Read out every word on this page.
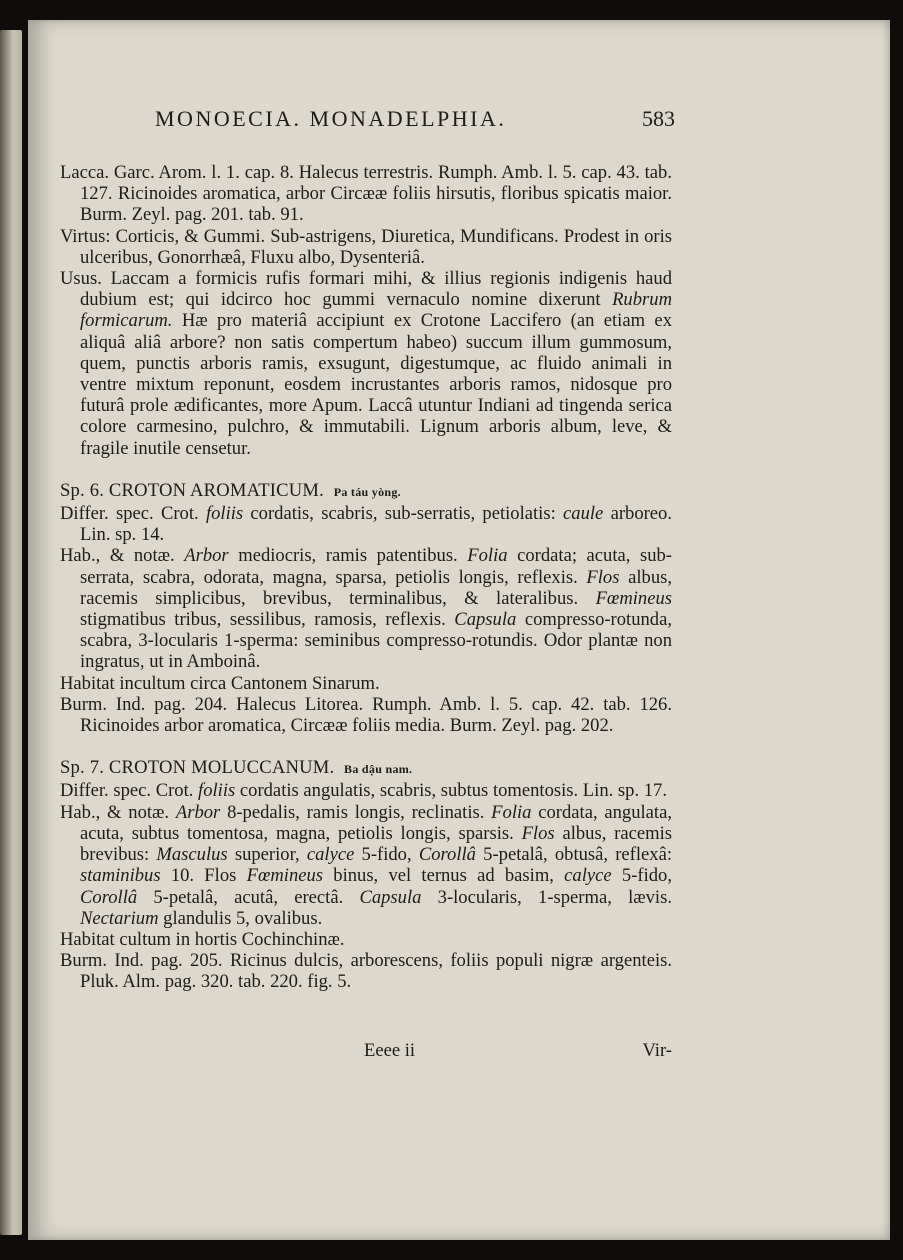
MONOECIA. MONADELPHIA.	583

Lacca. Garc. Arom. l. 1. cap. 8. Halecus terrestris. Rumph. Amb. l. 5. cap. 43. tab. 127. Ricinoides aromatica, arbor Circææ foliis hirsutis, floribus spicatis maior. Burm. Zeyl. pag. 201. tab. 91.

Virtus: Corticis, & Gummi. Sub-astrigens, Diuretica, Mundificans. Prodest in oris ulceribus, Gonorrhæâ, Fluxu albo, Dysenteriâ.

Usus. Laccam a formicis rufis formari mihi, & illius regionis indigenis haud dubium est; qui idcirco hoc gummi vernaculo nomine dixerunt Rubrum formicarum. Hæ pro materiâ accipiunt ex Crotone Laccifero (an etiam ex aliquâ aliâ arbore? non satis compertum habeo) succum illum gummosum, quem, punctis arboris ramis, exsugunt, digestumque, ac fluido animali in ventre mixtum reponunt, eosdem incrustantes arboris ramos, nidosque pro futurâ prole ædificantes, more Apum. Laccâ utuntur Indiani ad tingenda serica colore carmesino, pulchro, & immutabili. Lignum arboris album, leve, & fragile inutile censetur.

Sp. 6. CROTON AROMATICUM. Pa táu yòng.

Differ. spec. Crot. foliis cordatis, scabris, sub-serratis, petiolatis: caule arboreo. Lin. sp. 14.

Hab., & notæ. Arbor mediocris, ramis patentibus. Folia cordata; acuta, sub-serrata, scabra, odorata, magna, sparsa, petiolis longis, reflexis. Flos albus, racemis simplicibus, brevibus, terminalibus, & lateralibus. Fœmineus stigmatibus tribus, sessilibus, ramosis, reflexis. Capsula compresso-rotunda, scabra, 3-locularis 1-sperma: seminibus compresso-rotundis. Odor plantæ non ingratus, ut in Amboinâ.

Habitat incultum circa Cantonem Sinarum.

Burm. Ind. pag. 204. Halecus Litorea. Rumph. Amb. l. 5. cap. 42. tab. 126. Ricinoides arbor aromatica, Circææ foliis media. Burm. Zeyl. pag. 202.

Sp. 7. CROTON MOLUCCANUM. Ba dậu nam.

Differ. spec. Crot. foliis cordatis angulatis, scabris, subtus tomentosis. Lin. sp. 17.

Hab., & notæ. Arbor 8-pedalis, ramis longis, reclinatis. Folia cordata, angulata, acuta, subtus tomentosa, magna, petiolis longis, sparsis. Flos albus, racemis brevibus: Masculus superior, calyce 5-fido, Corollâ 5-petalâ, obtusâ, reflexâ: staminibus 10. Flos Fœmineus binus, vel ternus ad basim, calyce 5-fido, Corollâ 5-petalâ, acutâ, erectâ. Capsula 3-locularis, 1-sperma, lævis. Nectarium glandulis 5, ovalibus.

Habitat cultum in hortis Cochinchinæ.

Burm. Ind. pag. 205. Ricinus dulcis, arborescens, foliis populi nigræ argenteis. Pluk. Alm. pag. 320. tab. 220. fig. 5.

Eeee ii	Vir-
